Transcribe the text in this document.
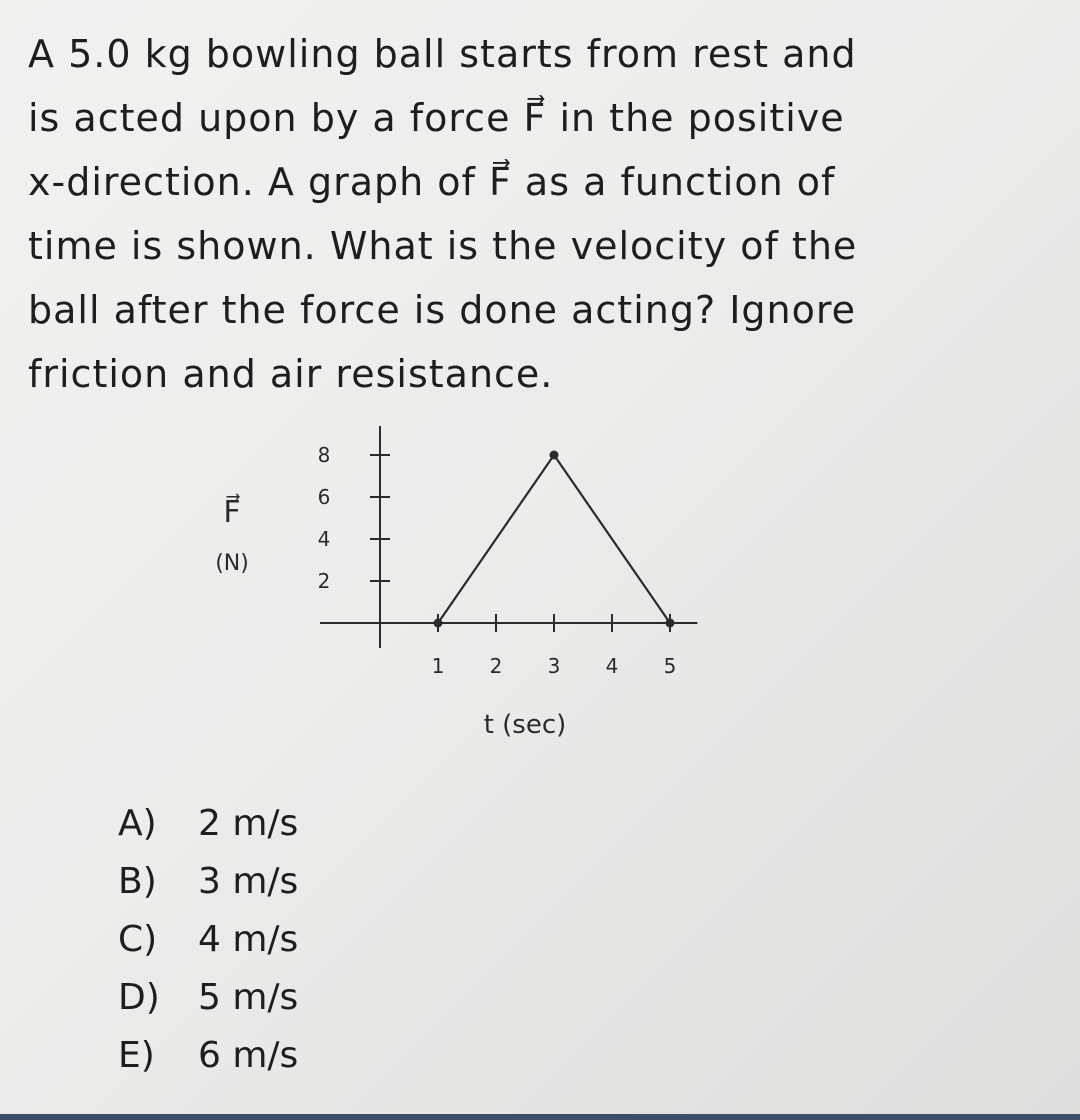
A 5.0 kg bowling ball starts from rest and
is acted upon by a force F⃗ in the positive
x-direction. A graph of F⃗ as a function of
time is shown. What is the velocity of the
ball after the force is done acting? Ignore
friction and air resistance.
2
4
6
8
1 2 3 4 5
F⃗
(N)
t (sec)
A) 2 m/s
B) 3 m/s
C) 4 m/s
D) 5 m/s
E) 6 m/s
